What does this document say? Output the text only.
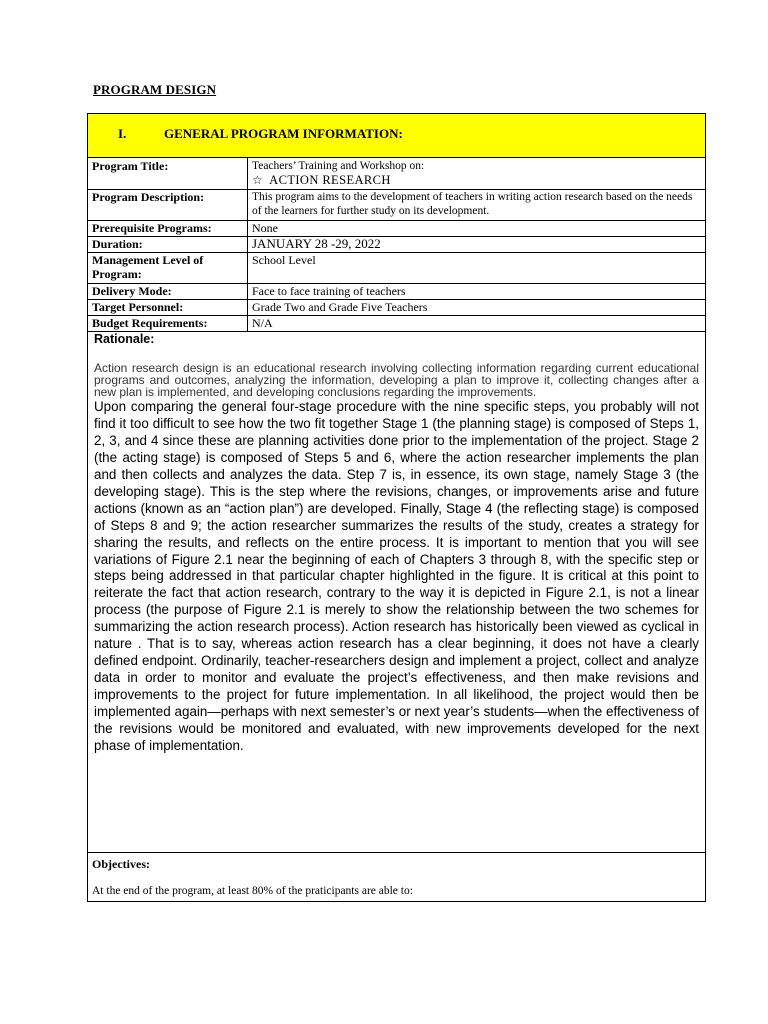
PROGRAM DESIGN
I. GENERAL PROGRAM INFORMATION:	
Program Title:	Teachers’ Training and Workshop on:
☆ ACTION RESEARCH

Program Description:	This program aims to the development of teachers in writing action research based on the needs of the learners for further study on its development.
Prerequisite Programs:	None
Duration:	JANUARY 28 -29, 2022
Management Level of Program:	School Level
Delivery Mode:	Face to face training of teachers
Target Personnel:	Grade Two and Grade Five Teachers
Budget Requirements:	N/A

Rationale:
Action research design is an educational research involving collecting information regarding current educational programs and outcomes, analyzing the information, developing a plan to improve it, collecting changes after a new plan is implemented, and developing conclusions regarding the improvements.
Upon comparing the general four-stage procedure with the nine specific steps, you probably will not find it too difficult to see how the two fit together Stage 1 (the planning stage) is composed of Steps 1, 2, 3, and 4 since these are planning activities done prior to the implementation of the project. Stage 2 (the acting stage) is composed of Steps 5 and 6, where the action researcher implements the plan and then collects and analyzes the data. Step 7 is, in essence, its own stage, namely Stage 3 (the developing stage). This is the step where the revisions, changes, or improvements arise and future actions (known as an “action plan”) are developed. Finally, Stage 4 (the reflecting stage) is composed of Steps 8 and 9; the action researcher summarizes the results of the study, creates a strategy for sharing the results, and reflects on the entire process. It is important to mention that you will see variations of Figure 2.1 near the beginning of each of Chapters 3 through 8, with the specific step or steps being addressed in that particular chapter highlighted in the figure. It is critical at this point to reiterate the fact that action research, contrary to the way it is depicted in Figure 2.1, is not a linear process (the purpose of Figure 2.1 is merely to show the relationship between the two schemes for summarizing the action research process). Action research has historically been viewed as cyclical in nature . That is to say, whereas action research has a clear beginning, it does not have a clearly defined endpoint. Ordinarily, teacher-researchers design and implement a project, collect and analyze data in order to monitor and evaluate the project’s effectiveness, and then make revisions and improvements to the project for future implementation. In all likelihood, the project would then be implemented again—perhaps with next semester’s or next year’s students—when the effectiveness of the revisions would be monitored and evaluated, with new improvements developed for the next phase of implementation.	

Objectives:
At the end of the program, at least 80% of the praticipants are able to:	
